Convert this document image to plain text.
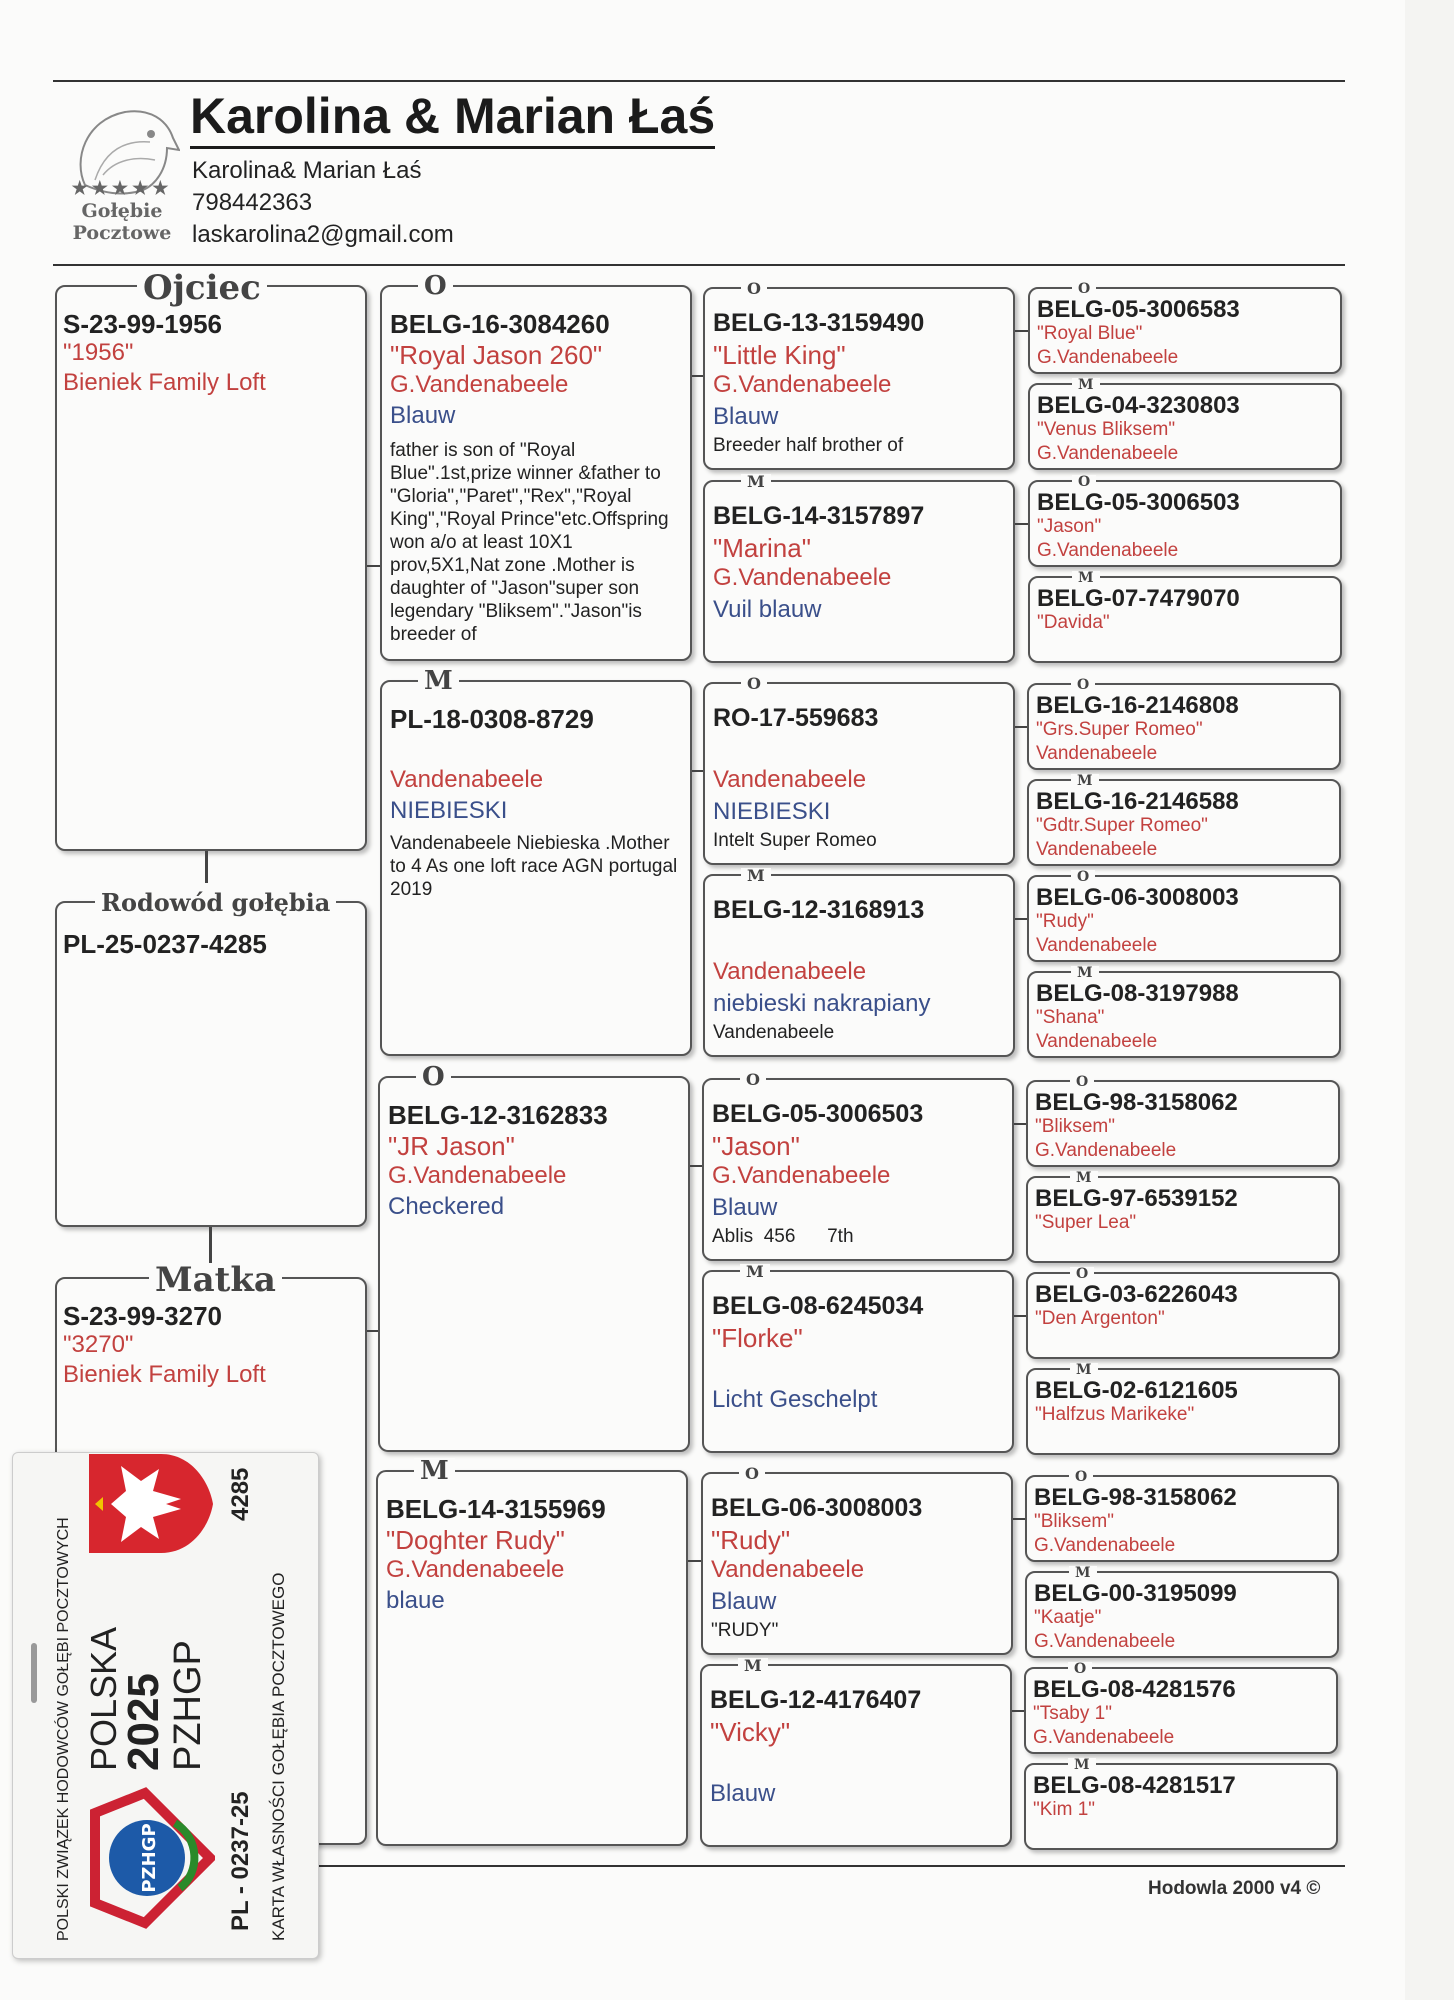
★★★★★
Gołębie
Pocztowe
Karolina & Marian Łaś
Karolina& Marian Łaś
798442363
laskarolina2@gmail.com
Ojciec
S-23-99-1956
"1956"
Bieniek Family Loft
Rodowód gołębia
PL-25-0237-4285
Matka
S-23-99-3270
"3270"
Bieniek Family Loft
O
BELG-16-3084260
"Royal Jason 260"
G.Vandenabeele
Blauw
father is son of "Royal Blue".1st,prize winner &father to "Gloria","Paret","Rex","Royal King","Royal Prince"etc.Offspring won a/o at least 10X1 prov,5X1,Nat zone .Mother is daughter of "Jason"super son legendary "Bliksem"."Jason"is breeder of
M
PL-18-0308-8729
Vandenabeele
NIEBIESKI
Vandenabeele Niebieska .Mother to 4 As one loft race AGN portugal 2019
O
BELG-12-3162833
"JR Jason"
G.Vandenabeele
Checkered
M
BELG-14-3155969
"Doghter Rudy"
G.Vandenabeele
blaue
O
BELG-13-3159490
"Little King"
G.Vandenabeele
Blauw
Breeder half brother of
M
BELG-14-3157897
"Marina"
G.Vandenabeele
Vuil blauw
O
RO-17-559683
Vandenabeele
NIEBIESKI
Intelt Super Romeo
M
BELG-12-3168913
Vandenabeele
niebieski nakrapiany
Vandenabeele
O
BELG-05-3006503
"Jason"
G.Vandenabeele
Blauw
Ablis  456      7th
M
BELG-08-6245034
"Florke"
Licht Geschelpt
O
BELG-06-3008003
"Rudy"
Vandenabeele
Blauw
"RUDY"
M
BELG-12-4176407
"Vicky"
Blauw
O
BELG-05-3006583
"Royal Blue"
G.Vandenabeele
M
BELG-04-3230803
"Venus Bliksem"
G.Vandenabeele
O
BELG-05-3006503
"Jason"
G.Vandenabeele
M
BELG-07-7479070
"Davida"
O
BELG-16-2146808
"Grs.Super Romeo"
Vandenabeele
M
BELG-16-2146588
"Gdtr.Super Romeo"
Vandenabeele
O
BELG-06-3008003
"Rudy"
Vandenabeele
M
BELG-08-3197988
"Shana"
Vandenabeele
O
BELG-98-3158062
"Bliksem"
G.Vandenabeele
M
BELG-97-6539152
"Super Lea"
O
BELG-03-6226043
"Den Argenton"
M
BELG-02-6121605
"Halfzus Marikeke"
O
BELG-98-3158062
"Bliksem"
G.Vandenabeele
M
BELG-00-3195099
"Kaatje"
G.Vandenabeele
O
BELG-08-4281576
"Tsaby 1"
G.Vandenabeele
M
BELG-08-4281517
"Kim 1"
Hodowla 2000 v4 ©
POLSKI ZWIĄZEK HODOWCÓW GOŁĘBI POCZTOWYCH POLSKA
2025 PZHGP
PL - 0237-25 KARTA WŁASNOŚCI GOŁĘBIA POCZTOWEGO
4285
PZHGP
